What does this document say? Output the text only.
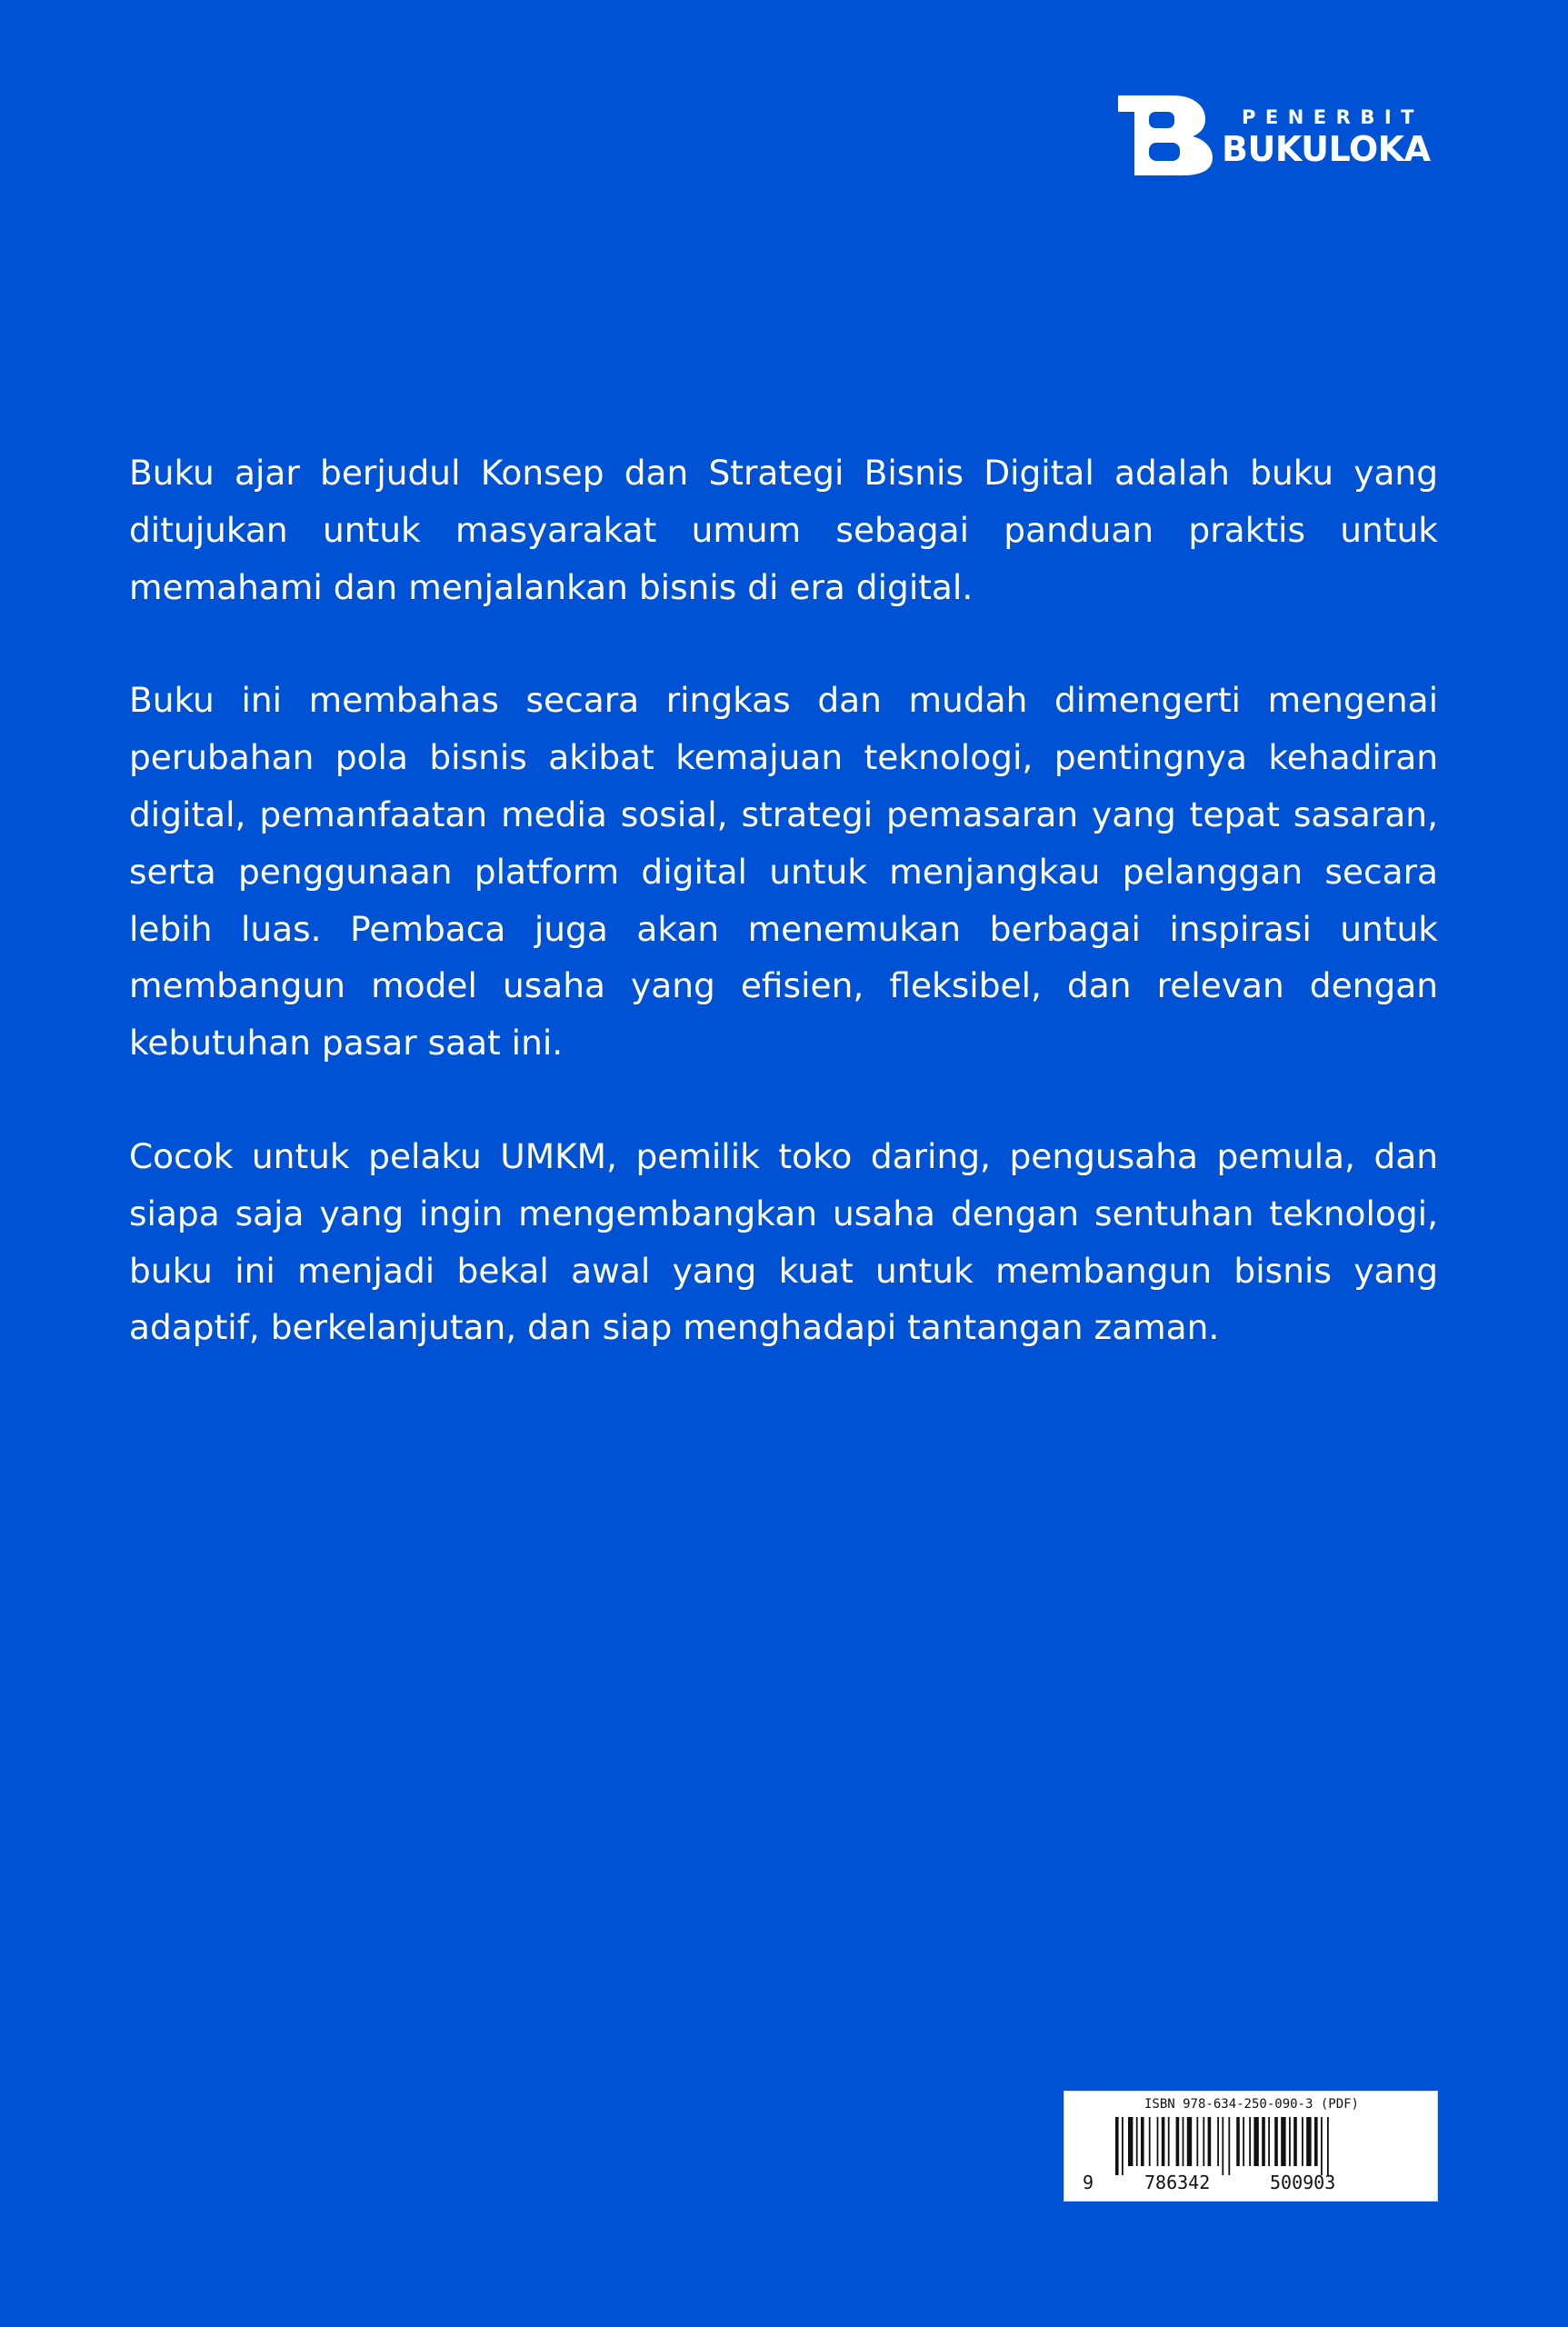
PENERBIT
BUKULOKA

Buku ajar berjudul Konsep dan Strategi Bisnis Digital adalah buku yang ditujukan untuk masyarakat umum sebagai panduan praktis untuk memahami dan menjalankan bisnis di era digital.

Buku ini membahas secara ringkas dan mudah dimengerti mengenai perubahan pola bisnis akibat kemajuan teknologi, pentingnya kehadiran digital, pemanfaatan media sosial, strategi pemasaran yang tepat sasaran, serta penggunaan platform digital untuk menjangkau pelanggan secara lebih luas. Pembaca juga akan menemukan berbagai inspirasi untuk membangun model usaha yang efisien, fleksibel, dan relevan dengan kebutuhan pasar saat ini.

Cocok untuk pelaku UMKM, pemilik toko daring, pengusaha pemula, dan siapa saja yang ingin mengembangkan usaha dengan sentuhan teknologi, buku ini menjadi bekal awal yang kuat untuk membangun bisnis yang adaptif, berkelanjutan, dan siap menghadapi tantangan zaman.

ISBN 978-634-250-090-3 (PDF)
9	786342	500903
